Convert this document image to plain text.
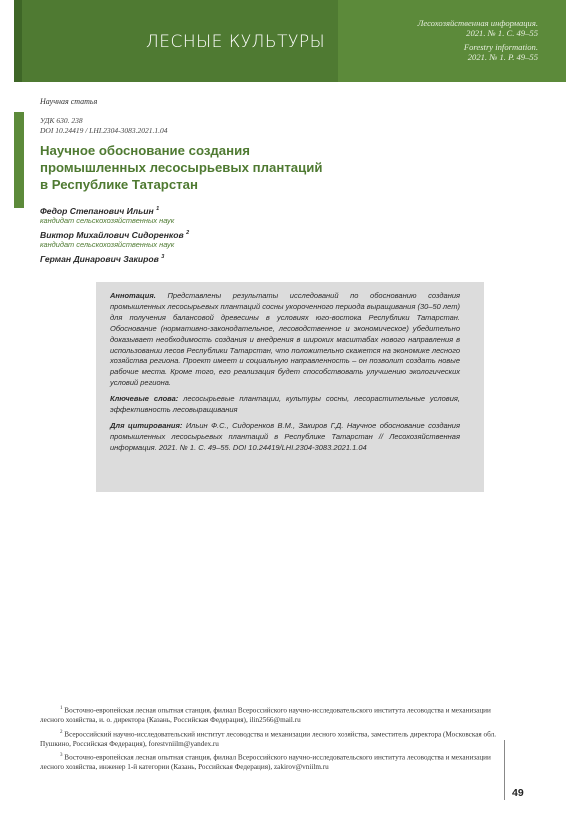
ЛЕСНЫЕ КУЛЬТУРЫ
Лесохозяйственная информация.
2021. № 1. С. 49–55
Forestry information.
2021. № 1. P. 49–55
Научная статья
УДК 630. 238
DOI 10.24419 / LHI.2304-3083.2021.1.04
Научное обоснование создания
промышленных лесосырьевых плантаций
в Республике Татарстан
Федор Степанович Ильин $^1$
кандидат сельскохозяйственных наук
Виктор Михайлович Сидоренков $^2$
кандидат сельскохозяйственных наук
Герман Динарович Закиров $^3$

Аннотация. Представлены результаты исследований по обоснованию создания промышленных лесосырьевых плантаций сосны укороченного периода выращивания (30–50 лет) для получения балансовой древесины в условиях юго-востока Республики Татарстан. Обоснование (нормативно-законодательное, лесоводственное и экономическое) убедительно доказывает необходимость создания и внедрения в широких масштабах нового направления в использовании лесов Республики Татарстан, что положительно скажется на экономике лесного хозяйства региона. Проект имеет и социальную направленность – он позволит создать новые рабочие места. Кроме того, его реализация будет способствовать улучшению экологических условий региона.

Ключевые слова: лесосырьевые плантации, культуры сосны, лесорастительные условия, эффективность лесовыращивания

Для цитирования: Ильин Ф.С., Сидоренков В.М., Закиров Г.Д. Научное обоснование создания промышленных лесосырьевых плантаций в Республике Татарстан // Лесохозяйственная информация. 2021. № 1. С. 49–55. DOI 10.24419/LHI.2304-3083.2021.1.04

$^1$ Восточно-европейская лесная опытная станция, филиал Всероссийского научно-исследовательского института лесоводства и механизации лесного хозяйства, и. о. директора (Казань, Российская Федерация), ilin2566@mail.ru

$^2$ Всероссийский научно-исследовательский институт лесоводства и механизации лесного хозяйства, заместитель директора (Московская обл. Пушкино, Российская Федерация), forestvniilm@yandex.ru

$^3$ Восточно-европейская лесная опытная станция, филиал Всероссийского научно-исследовательского института лесоводства и механизации лесного хозяйства, инженер 1-й категории (Казань, Российская Федерация), zakirov@vniilm.ru

49
